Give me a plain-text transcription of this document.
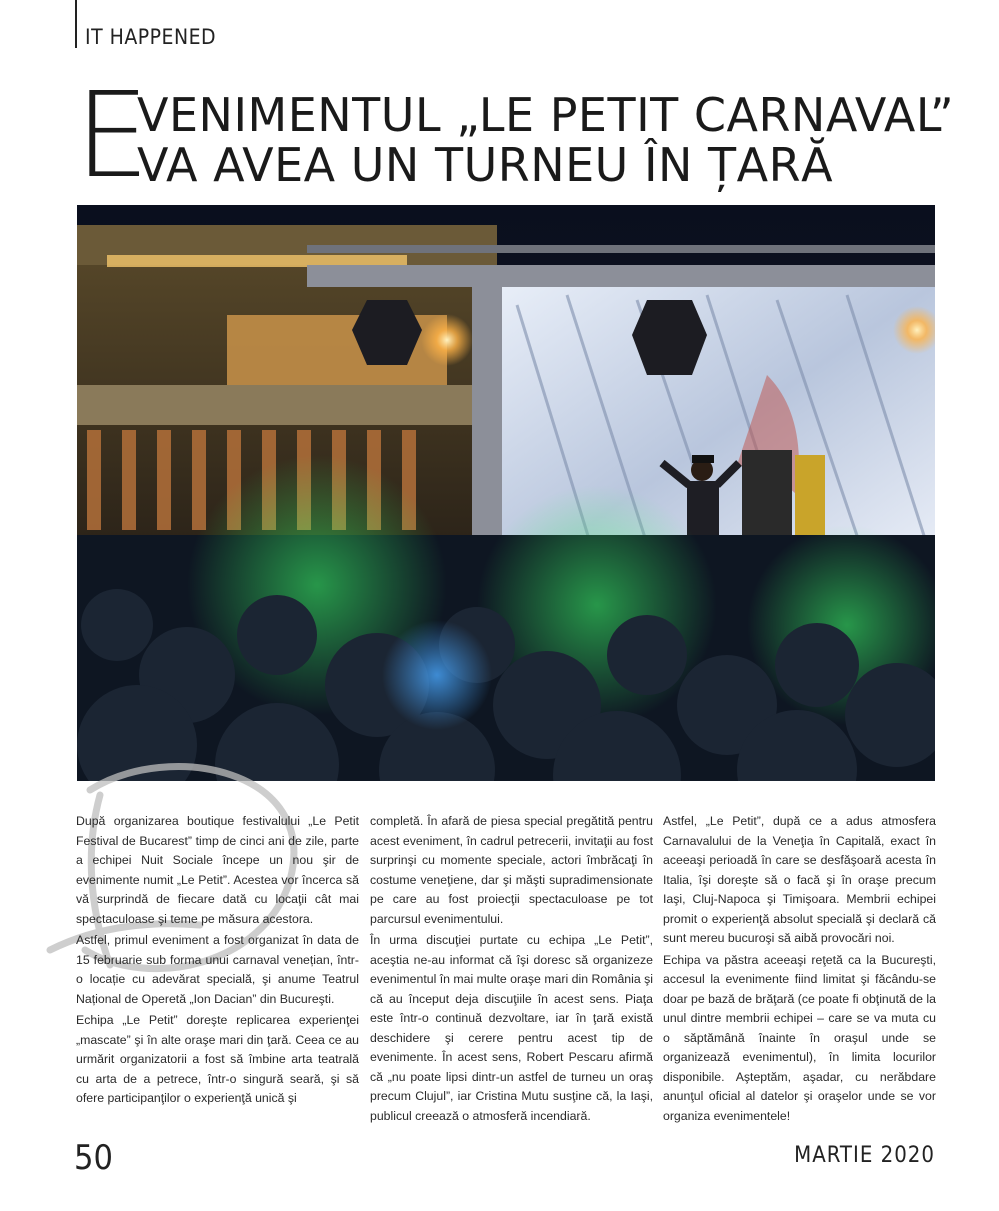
IT HAPPENED
E
VENIMENTUL „LE PETIT CARNAVAL”
VA AVEA UN TURNEU ÎN ȚARĂ

După organizarea boutique festivalului „Le Petit Festival de Bucarest” timp de cinci ani de zile, parte a echipei Nuit Sociale începe un nou şir de evenimente numit „Le Petit”. Acestea vor încerca să vă surprindă de fiecare dată cu locaţii cât mai spectaculoase şi teme pe măsura acestora.

Astfel, primul eveniment a fost organizat în data de 15 februarie sub forma unui carnaval venețian, într-o locație cu adevărat specială, şi anume Teatrul Național de Operetă „Ion Dacian” din Bucureşti.

Echipa „Le Petit” doreşte replicarea experienţei „mascate” şi în alte oraşe mari din ţară. Ceea ce au urmărit organizatorii a fost să îmbine arta teatrală cu arta de a petrece, într-o singură seară, şi să ofere participanţilor o experienţă unică şi

completă. În afară de piesa special pregătită pentru acest eveniment, în cadrul petrecerii, invitaţii au fost surprinşi cu momente speciale, actori îmbrăcaţi în costume veneţiene, dar şi măşti supradimensionate pe care au fost proiecţii spectaculoase pe tot parcursul evenimentului.

În urma discuţiei purtate cu echipa „Le Petit”, aceştia ne-au informat că îşi doresc să organizeze evenimentul în mai multe oraşe mari din România şi că au început deja discuţiile în acest sens. Piaţa este într-o continuă dezvoltare, iar în ţară există deschidere şi cerere pentru acest tip de evenimente. În acest sens, Robert Pescaru afirmă că „nu poate lipsi dintr-un astfel de turneu un oraş precum Clujul”, iar Cristina Mutu susţine că, la Iaşi, publicul creează o atmosferă incendiară.

Astfel, „Le Petit”, după ce a adus atmosfera Carnavalului de la Veneţia în Capitală, exact în aceeaşi perioadă în care se desfăşoară acesta în Italia, îşi doreşte să o facă şi în oraşe precum Iaşi, Cluj-Napoca şi Timişoara. Membrii echipei promit o experienţă absolut specială şi declară că sunt mereu bucuroşi să aibă provocări noi.

Echipa va păstra aceeaşi reţetă ca la Bucureşti, accesul la evenimente fiind limitat şi făcându-se doar pe bază de brăţară (ce poate fi obţinută de la unul dintre membrii echipei – care se va muta cu o săptămână înainte în oraşul unde se organizează evenimentul), în limita locurilor disponibile. Aşteptăm, aşadar, cu nerăbdare anunţul oficial al datelor şi oraşelor unde se vor organiza evenimentele!

50	MARTIE 2020
